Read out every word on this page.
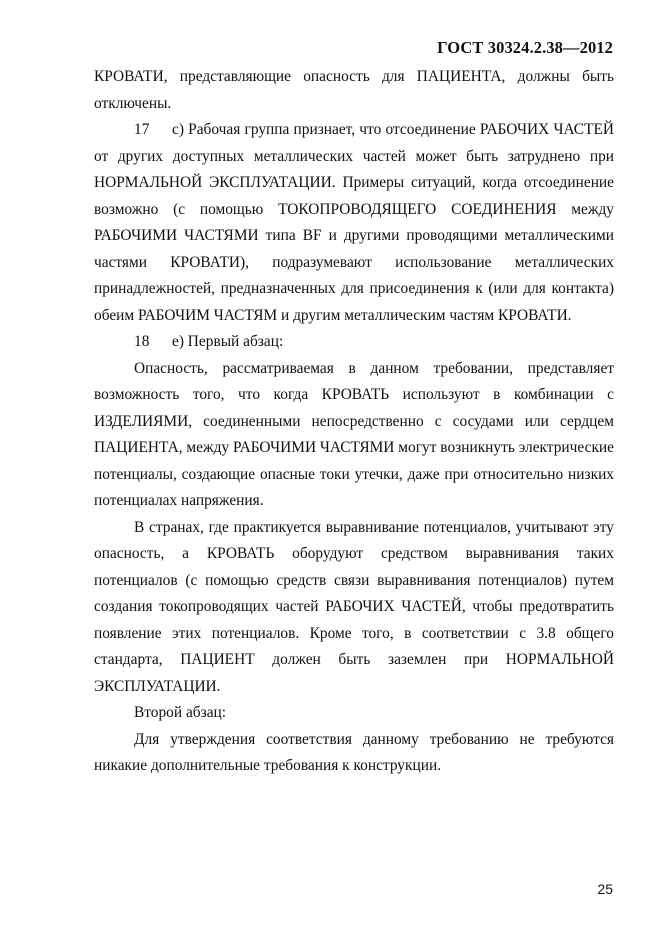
ГОСТ 30324.2.38—2012

КРОВАТИ, представляющие опасность для ПАЦИЕНТА, должны быть отключены.

17 с) Рабочая группа признает, что отсоединение РАБОЧИХ ЧАСТЕЙ от других доступных металлических частей может быть затруднено при НОРМАЛЬНОЙ ЭКСПЛУАТАЦИИ. Примеры ситуаций, когда отсоединение возможно (с помощью ТОКОПРОВОДЯЩЕГО СОЕДИНЕНИЯ между РАБОЧИМИ ЧАСТЯМИ типа BF и другими проводящими металлическими частями КРОВАТИ), подразумевают использование металлических принадлежностей, предназначенных для присоединения к (или для контакта) обеим РАБОЧИМ ЧАСТЯМ и другим металлическим частям КРОВАТИ.

18 е) Первый абзац:

Опасность, рассматриваемая в данном требовании, представляет возможность того, что когда КРОВАТЬ используют в комбинации с ИЗДЕЛИЯМИ, соединенными непосредственно с сосудами или сердцем ПАЦИЕНТА, между РАБОЧИМИ ЧАСТЯМИ могут возникнуть электрические потенциалы, создающие опасные токи утечки, даже при относительно низких потенциалах напряжения.

В странах, где практикуется выравнивание потенциалов, учитывают эту опасность, а КРОВАТЬ оборудуют средством выравнивания таких потенциалов (с помощью средств связи выравнивания потенциалов) путем создания токопроводящих частей РАБОЧИХ ЧАСТЕЙ, чтобы предотвратить появление этих потенциалов. Кроме того, в соответствии с 3.8 общего стандарта, ПАЦИЕНТ должен быть заземлен при НОРМАЛЬНОЙ ЭКСПЛУАТАЦИИ.

Второй абзац:

Для утверждения соответствия данному требованию не требуются никакие дополнительные требования к конструкции.

25
